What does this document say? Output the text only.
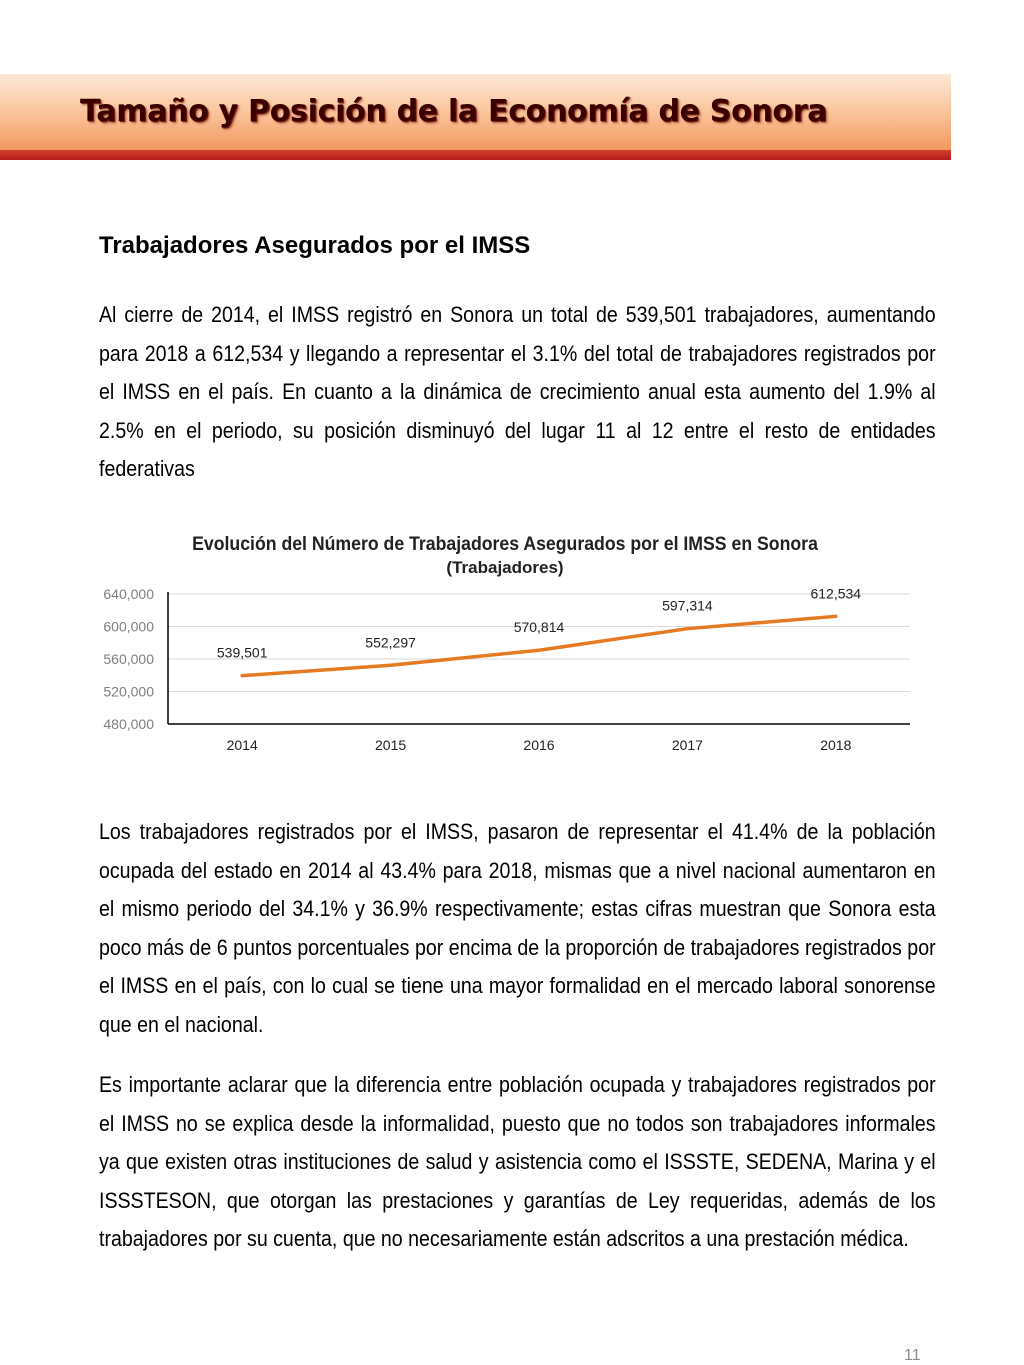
Tamaño y Posición de la Economía de Sonora
Trabajadores Asegurados por el IMSS
Al cierre de 2014, el IMSS registró en Sonora un total de 539,501 trabajadores, aumentando para 2018 a 612,534 y llegando a representar el 3.1% del total de trabajadores registrados por el IMSS en el país. En cuanto a la dinámica de crecimiento anual esta aumento del 1.9% al 2.5% en el periodo, su posición disminuyó del lugar 11 al 12 entre el resto de entidades federativas
Evolución del Número de Trabajadores Asegurados por el IMSS en Sonora
(Trabajadores)
640,000
600,000
560,000
520,000
480,000
2014	2015	2016	2017	2018
539,501
552,297
570,814
597,314
612,534
Los trabajadores registrados por el IMSS, pasaron de representar el 41.4% de la población ocupada del estado en 2014 al 43.4% para 2018, mismas que a nivel nacional aumentaron en el mismo periodo del 34.1% y 36.9% respectivamente; estas cifras muestran que Sonora esta poco más de 6 puntos porcentuales por encima de la proporción de trabajadores registrados por el IMSS en el país, con lo cual se tiene una mayor formalidad en el mercado laboral sonorense que en el nacional.
Es importante aclarar que la diferencia entre población ocupada y trabajadores registrados por el IMSS no se explica desde la informalidad, puesto que no todos son trabajadores informales ya que existen otras instituciones de salud y asistencia como el ISSSTE, SEDENA, Marina y el ISSSTESON, que otorgan las prestaciones y garantías de Ley requeridas, además de los trabajadores por su cuenta, que no necesariamente están adscritos a una prestación médica.
11
